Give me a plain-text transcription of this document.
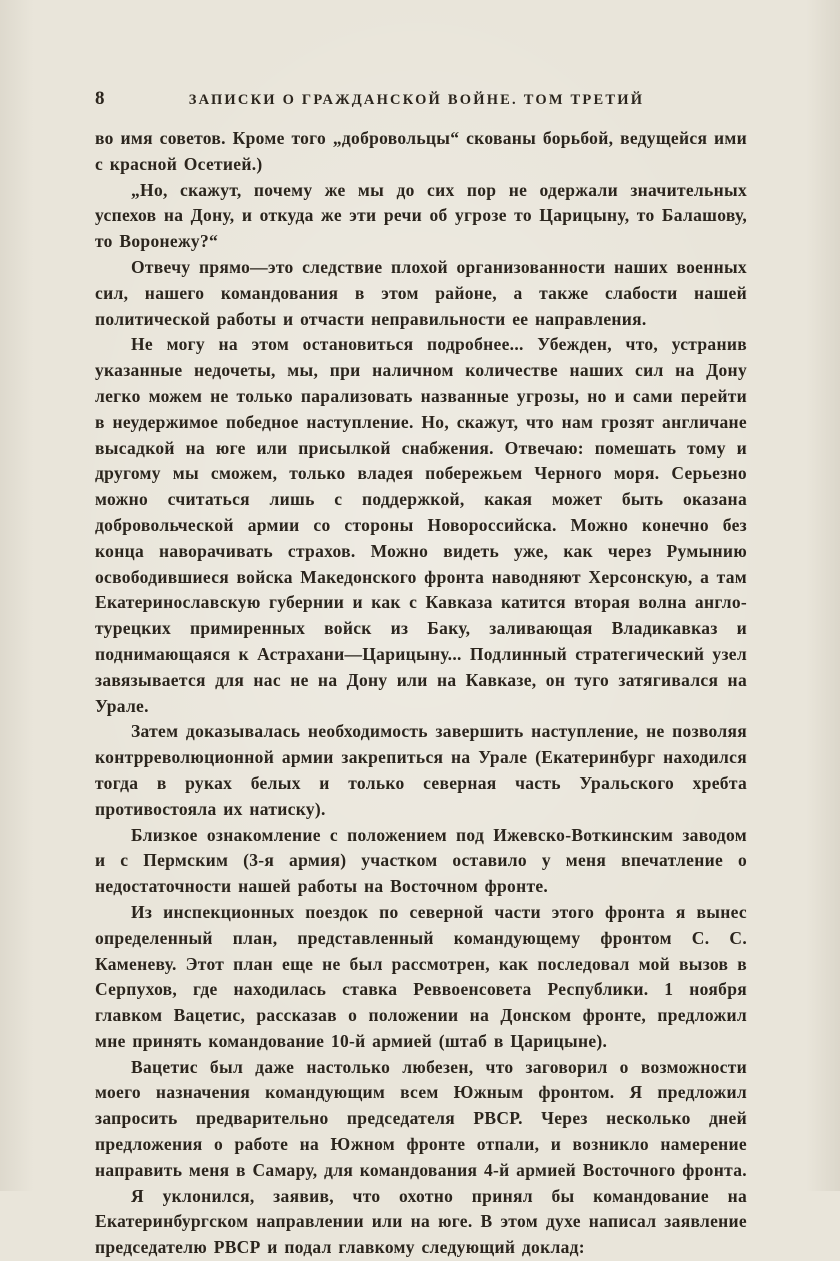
8	ЗАПИСКИ О ГРАЖДАНСКОЙ ВОЙНЕ. ТОМ ТРЕТИЙ

во имя советов. Кроме того „добровольцы“ скованы борьбой, ведущейся ими с красной Осетией.)

„Но, скажут, почему же мы до сих пор не одержали значительных успехов на Дону, и откуда же эти речи об угрозе то Царицыну, то Балашову, то Воронежу?“

Отвечу прямо—это следствие плохой организованности наших военных сил, нашего командования в этом районе, а также слабости нашей политической работы и отчасти неправильности ее направления.

Не могу на этом остановиться подробнее... Убежден, что, устранив указанные недочеты, мы, при наличном количестве наших сил на Дону легко можем не только парализовать названные угрозы, но и сами перейти в неудержимое победное наступление. Но, скажут, что нам грозят англичане высадкой на юге или присылкой снабжения. Отвечаю: помешать тому и другому мы сможем, только владея побережьем Черного моря. Серьезно можно считаться лишь с поддержкой, какая может быть оказана добровольческой армии со стороны Новороссийска. Можно конечно без конца наворачивать страхов. Можно видеть уже, как через Румынию освободившиеся войска Македонского фронта наводняют Херсонскую, а там Екатеринославскую губернии и как с Кавказа катится вторая волна англо-турецких примиренных войск из Баку, заливающая Владикавказ и поднимающаяся к Астрахани—Царицыну... Подлинный стратегический узел завязывается для нас не на Дону или на Кавказе, он туго затягивался на Урале.

Затем доказывалась необходимость завершить наступление, не позволяя контрреволюционной армии закрепиться на Урале (Екатеринбург находился тогда в руках белых и только северная часть Уральского хребта противостояла их натиску).

Близкое ознакомление с положением под Ижевско-Воткинским заводом и с Пермским (3-я армия) участком оставило у меня впечатление о недостаточности нашей работы на Восточном фронте.

Из инспекционных поездок по северной части этого фронта я вынес определенный план, представленный командующему фронтом С. С. Каменеву. Этот план еще не был рассмотрен, как последовал мой вызов в Серпухов, где находилась ставка Реввоенсовета Республики. 1 ноября главком Вацетис, рассказав о положении на Донском фронте, предложил мне принять командование 10-й армией (штаб в Царицыне).

Вацетис был даже настолько любезен, что заговорил о возможности моего назначения командующим всем Южным фронтом. Я предложил запросить предварительно председателя РВСР. Через несколько дней предложения о работе на Южном фронте отпали, и возникло намерение направить меня в Самару, для командования 4-й армией Восточного фронта.

Я уклонился, заявив, что охотно принял бы командование на Екатеринбургском направлении или на юге. В этом духе написал заявление председателю РВСР и подал главкому следующий доклад:
